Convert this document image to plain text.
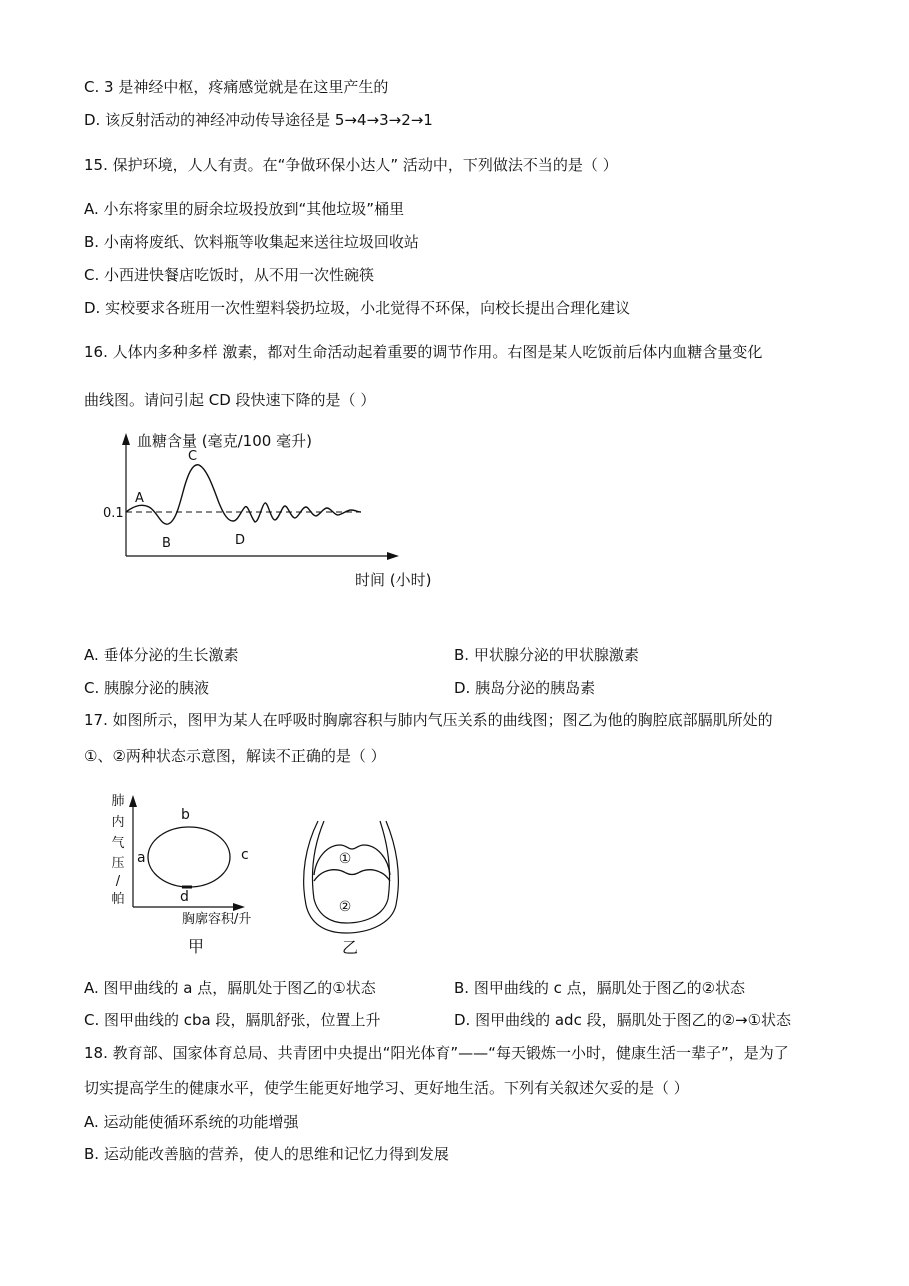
C. 3 是神经中枢，疼痛感觉就是在这里产生的
D. 该反射活动的神经冲动传导途径是 5→4→3→2→1
15. 保护环境，人人有责。在“争做环保小达人” 活动中，下列做法不当的是（ ）
A. 小东将家里的厨余垃圾投放到“其他垃圾”桶里
B. 小南将废纸、饮料瓶等收集起来送往垃圾回收站
C. 小西进快餐店吃饭时，从不用一次性碗筷
D. 实校要求各班用一次性塑料袋扔垃圾，小北觉得不环保，向校长提出合理化建议
16. 人体内多种多样 激素，都对生命活动起着重要的调节作用。右图是某人吃饭前后体内血糖含量变化
曲线图。请问引起 CD 段快速下降的是（ ）
血糖含量 (毫克/100 毫升)
0.1
A
B
C
D
时间 (小时)
A. 垂体分泌的生长激素	B. 甲状腺分泌的甲状腺激素
C. 胰腺分泌的胰液	D. 胰岛分泌的胰岛素
17. 如图所示，图甲为某人在呼吸时胸廓容积与肺内气压关系的曲线图；图乙为他的胸腔底部膈肌所处的
①、②两种状态示意图，解读不正确的是（ ）
肺
内
气
压
/
帕
a
b
c
d
胸廓容积/升
甲
①
②
乙
A. 图甲曲线的 a 点，膈肌处于图乙的①状态	B. 图甲曲线的 c 点，膈肌处于图乙的②状态
C. 图甲曲线的 cba 段，膈肌舒张，位置上升	D. 图甲曲线的 adc 段，膈肌处于图乙的②→①状态
18. 教育部、国家体育总局、共青团中央提出“阳光体育”——“每天锻炼一小时，健康生活一辈子”，是为了
切实提高学生的健康水平，使学生能更好地学习、更好地生活。下列有关叙述欠妥的是（ ）
A. 运动能使循环系统的功能增强
B. 运动能改善脑的营养，使人的思维和记忆力得到发展
